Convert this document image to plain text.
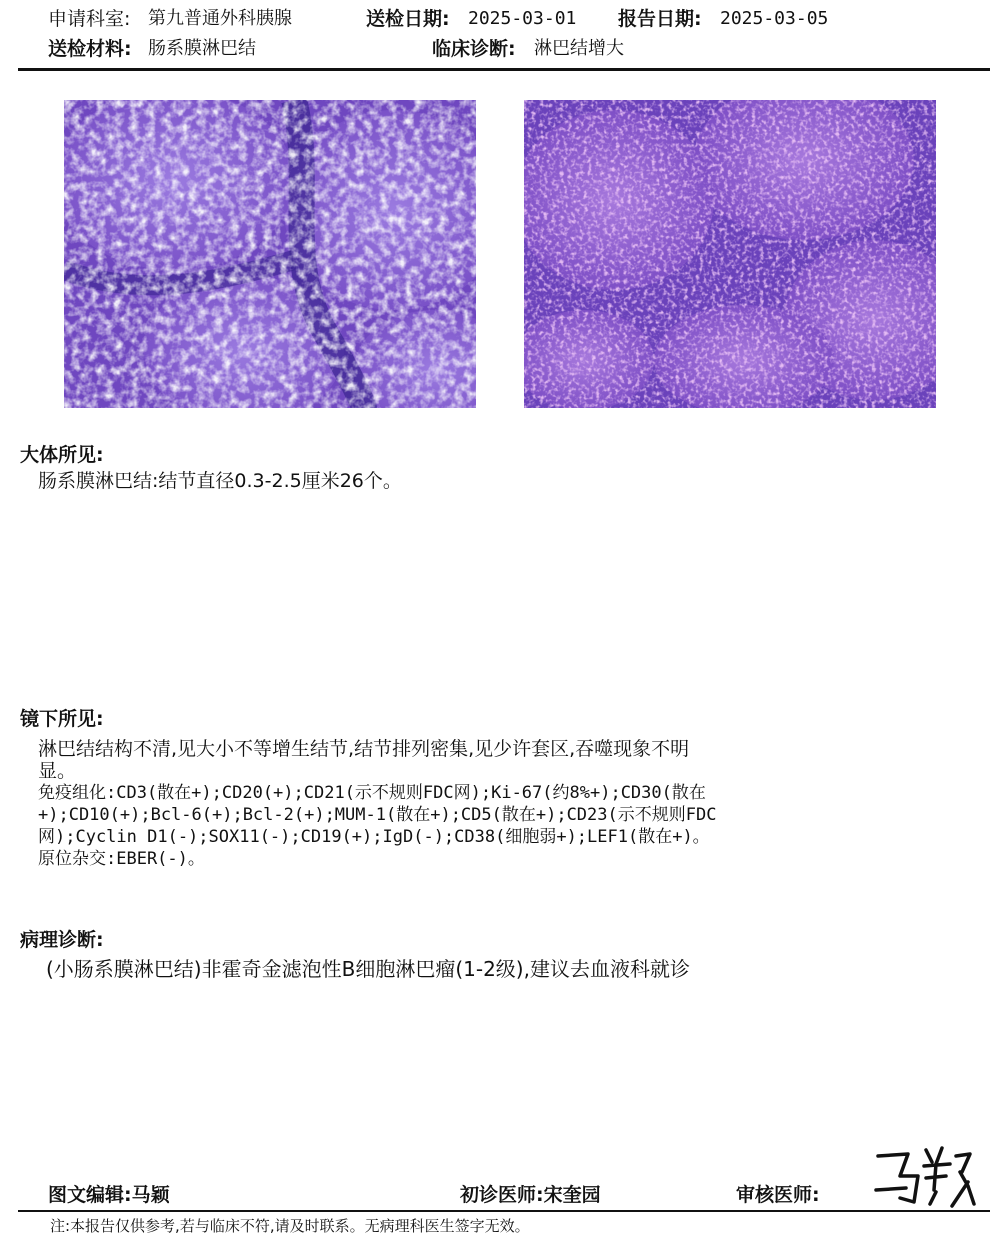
申请科室: 第九普通外科胰腺	送检日期: 2025-03-01 报告日期: 2025-03-05
送检材料: 肠系膜淋巴结	临床诊断: 淋巴结增大
大体所见:
肠系膜淋巴结:结节直径0.3-2.5厘米26个。
镜下所见:
淋巴结结构不清,见大小不等增生结节,结节排列密集,见少许套区,吞噬现象不明
显。
免疫组化:CD3(散在+);CD20(+);CD21(示不规则FDC网);Ki-67(约8%+);CD30(散在
+);CD10(+);Bcl-6(+);Bcl-2(+);MUM-1(散在+);CD5(散在+);CD23(示不规则FDC
网);Cyclin D1(-);SOX11(-);CD19(+);IgD(-);CD38(细胞弱+);LEF1(散在+)。
原位杂交:EBER(-)。
病理诊断:
(小肠系膜淋巴结)非霍奇金滤泡性B细胞淋巴瘤(1-2级),建议去血液科就诊
图文编辑:马颖	初诊医师:宋奎园	审核医师:
注:本报告仅供参考,若与临床不符,请及时联系。无病理科医生签字无效。
